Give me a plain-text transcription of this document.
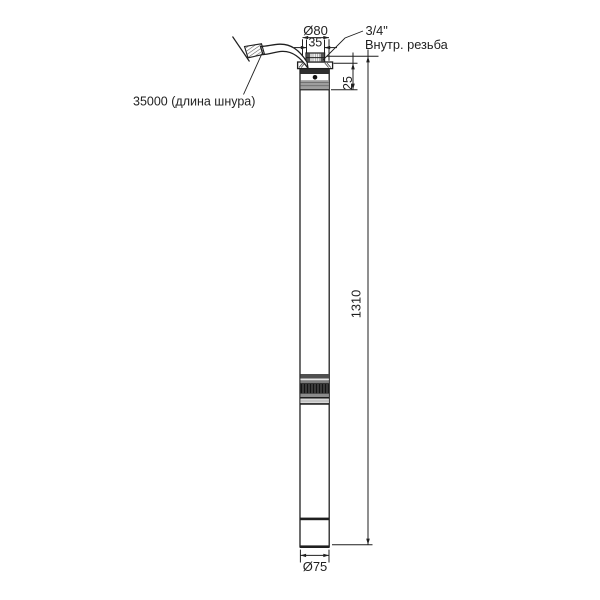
Ø80
35
3/4"
Внутр. резьба
25
1310
Ø75
35000 (длина шнура)
